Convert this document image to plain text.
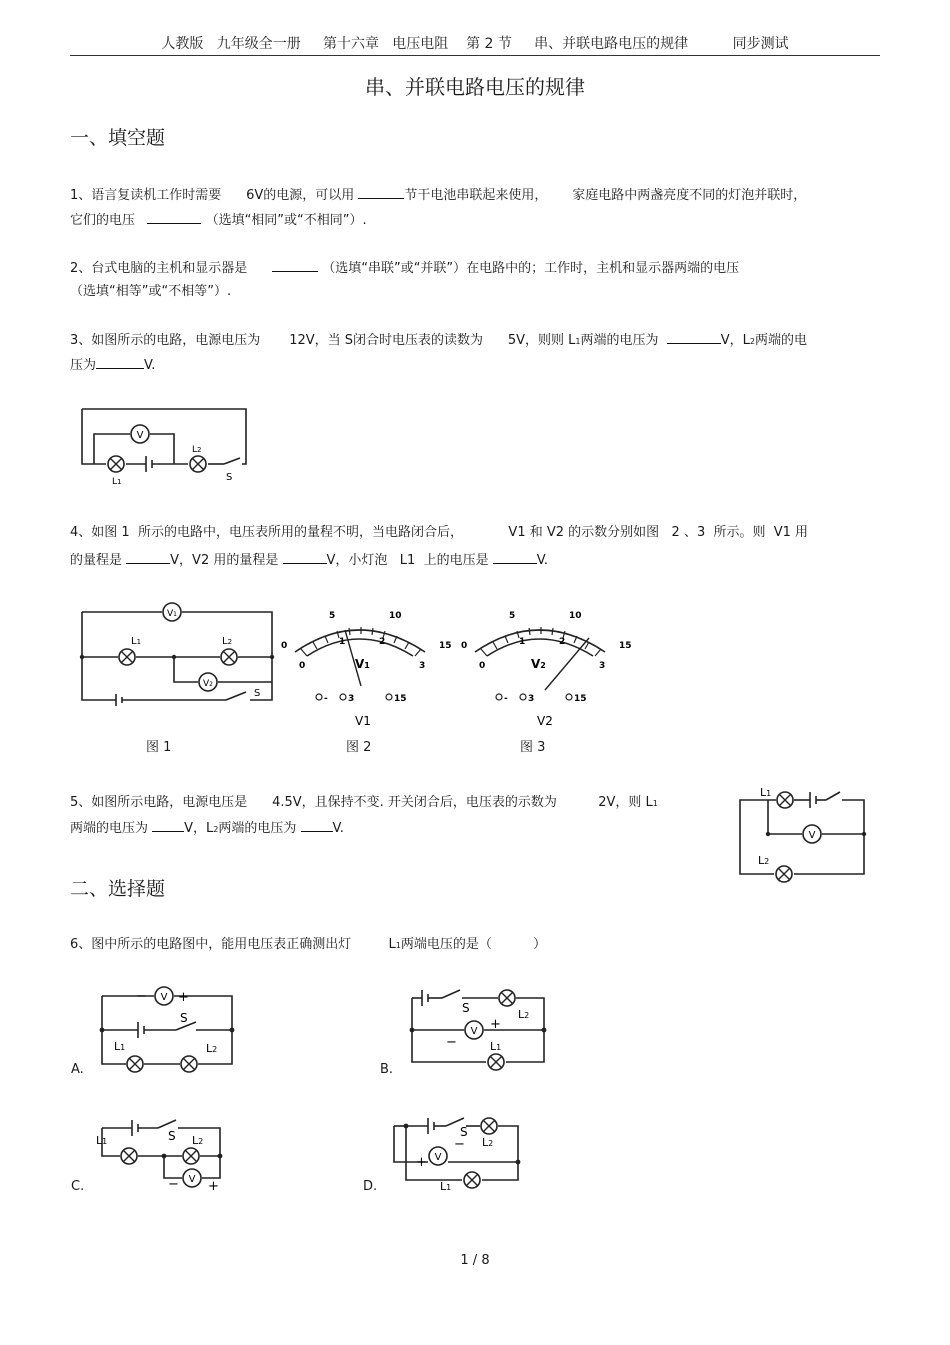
人教版   九年级全一册     第十六章   电压电阻    第 2 节     串、并联电路电压的规律          同步测试
串、并联电路电压的规律
一、填空题
1、语言复读机工作时需要 6V的电源，可以用	节干电池串联起来使用， 家庭电路中两盏亮度不同的灯泡并联时，
它们的电压	（选填“相同”或“不相同”）.
2、台式电脑的主机和显示器是	（选填“串联”或“并联”）在电路中的；工作时，主机和显示器两端的电压
（选填“相等”或“不相等”）.
3、如图所示的电路，电源电压为 12V，当 S闭合时电压表的读数为 5V，则则 L1两端的电压为	V，L2两端的电
压为	V.
V
L1
L2
S
4、如图 1  所示的电路中，电压表所用的量程不明，当电路闭合后，	V1 和 V2 的示数分别如图   2 、3  所示。则  V1 用
的量程是	V，V2 用的量程是	V，小灯泡   L1  上的电压是	V.
V1
V2
L1	L2
S
0
5	10
15
0
1	2
3
V1
- 3	15
V1
0
5	10
15
0
1	2
3
V2
- 3	15
V2
图 1	图 2	图 3
5、如图所示电路，电源电压是 4.5V，且保持不变. 开关闭合后，电压表的示数为	2V，则 L1
两端的电压为	V，L2两端的电压为	V.	V
L1
L2
二、选择题
6、图中所示的电路图中，能用电压表正确测出灯	L1两端电压的是（	）
V
− +
S
L1	L2
A.
V +
−
S	L2
L1
B.
V
− +
S
L1	L2
C.
V
+
−
S
L2
L1
D.
1 / 8
